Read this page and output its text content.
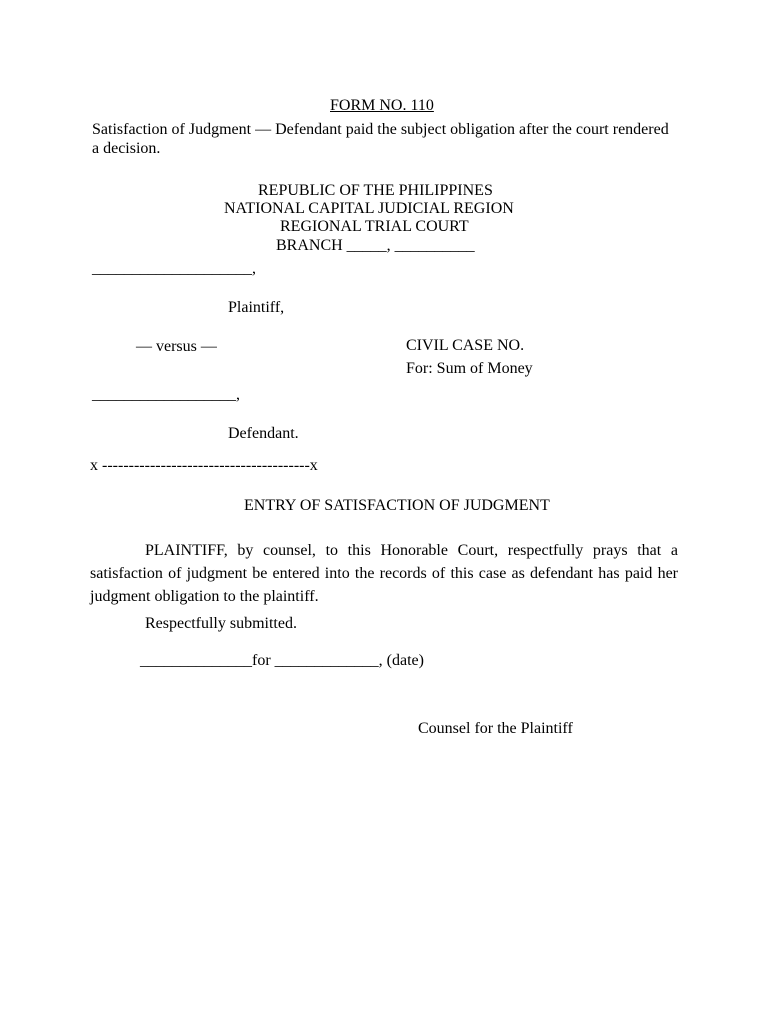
FORM NO. 110
Satisfaction of Judgment — Defendant paid the subject obligation after the court rendered a decision.
REPUBLIC OF THE PHILIPPINES
NATIONAL CAPITAL JUDICIAL REGION
REGIONAL TRIAL COURT
BRANCH _____, __________
____________________,
Plaintiff,
— versus —	CIVIL CASE NO.
For: Sum of Money
__________________,
Defendant.
x ---------------------------------------x
ENTRY OF SATISFACTION OF JUDGMENT
PLAINTIFF, by counsel, to this Honorable Court, respectfully prays that a satisfaction of judgment be entered into the records of this case as defendant has paid her judgment obligation to the plaintiff.
Respectfully submitted.
______________for _____________, (date)
Counsel for the Plaintiff
